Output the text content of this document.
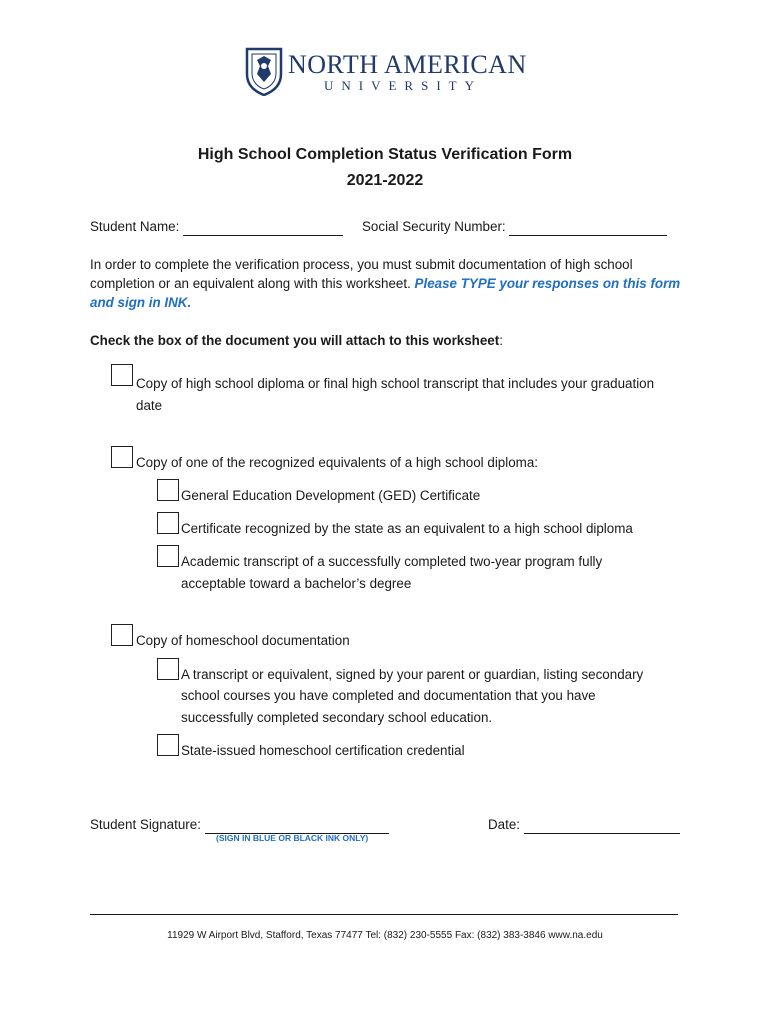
NORTH AMERICAN
UNIVERSITY
High School Completion Status Verification Form
2021-2022
Student Name:	Social Security Number:
In order to complete the verification process, you must submit documentation of high school
completion or an equivalent along with this worksheet. Please TYPE your responses on this form
and sign in INK.
Check the box of the document you will attach to this worksheet:
Copy of high school diploma or final high school transcript that includes your graduation
date
Copy of one of the recognized equivalents of a high school diploma:
General Education Development (GED) Certificate
Certificate recognized by the state as an equivalent to a high school diploma
Academic transcript of a successfully completed two-year program fully
acceptable toward a bachelor’s degree
Copy of homeschool documentation
A transcript or equivalent, signed by your parent or guardian, listing secondary
school courses you have completed and documentation that you have
successfully completed secondary school education.
State-issued homeschool certification credential
Student Signature:
(SIGN IN BLUE OR BLACK INK ONLY)
Date:
11929 W Airport Blvd, Stafford, Texas 77477 Tel: (832) 230-5555 Fax: (832) 383-3846 www.na.edu
